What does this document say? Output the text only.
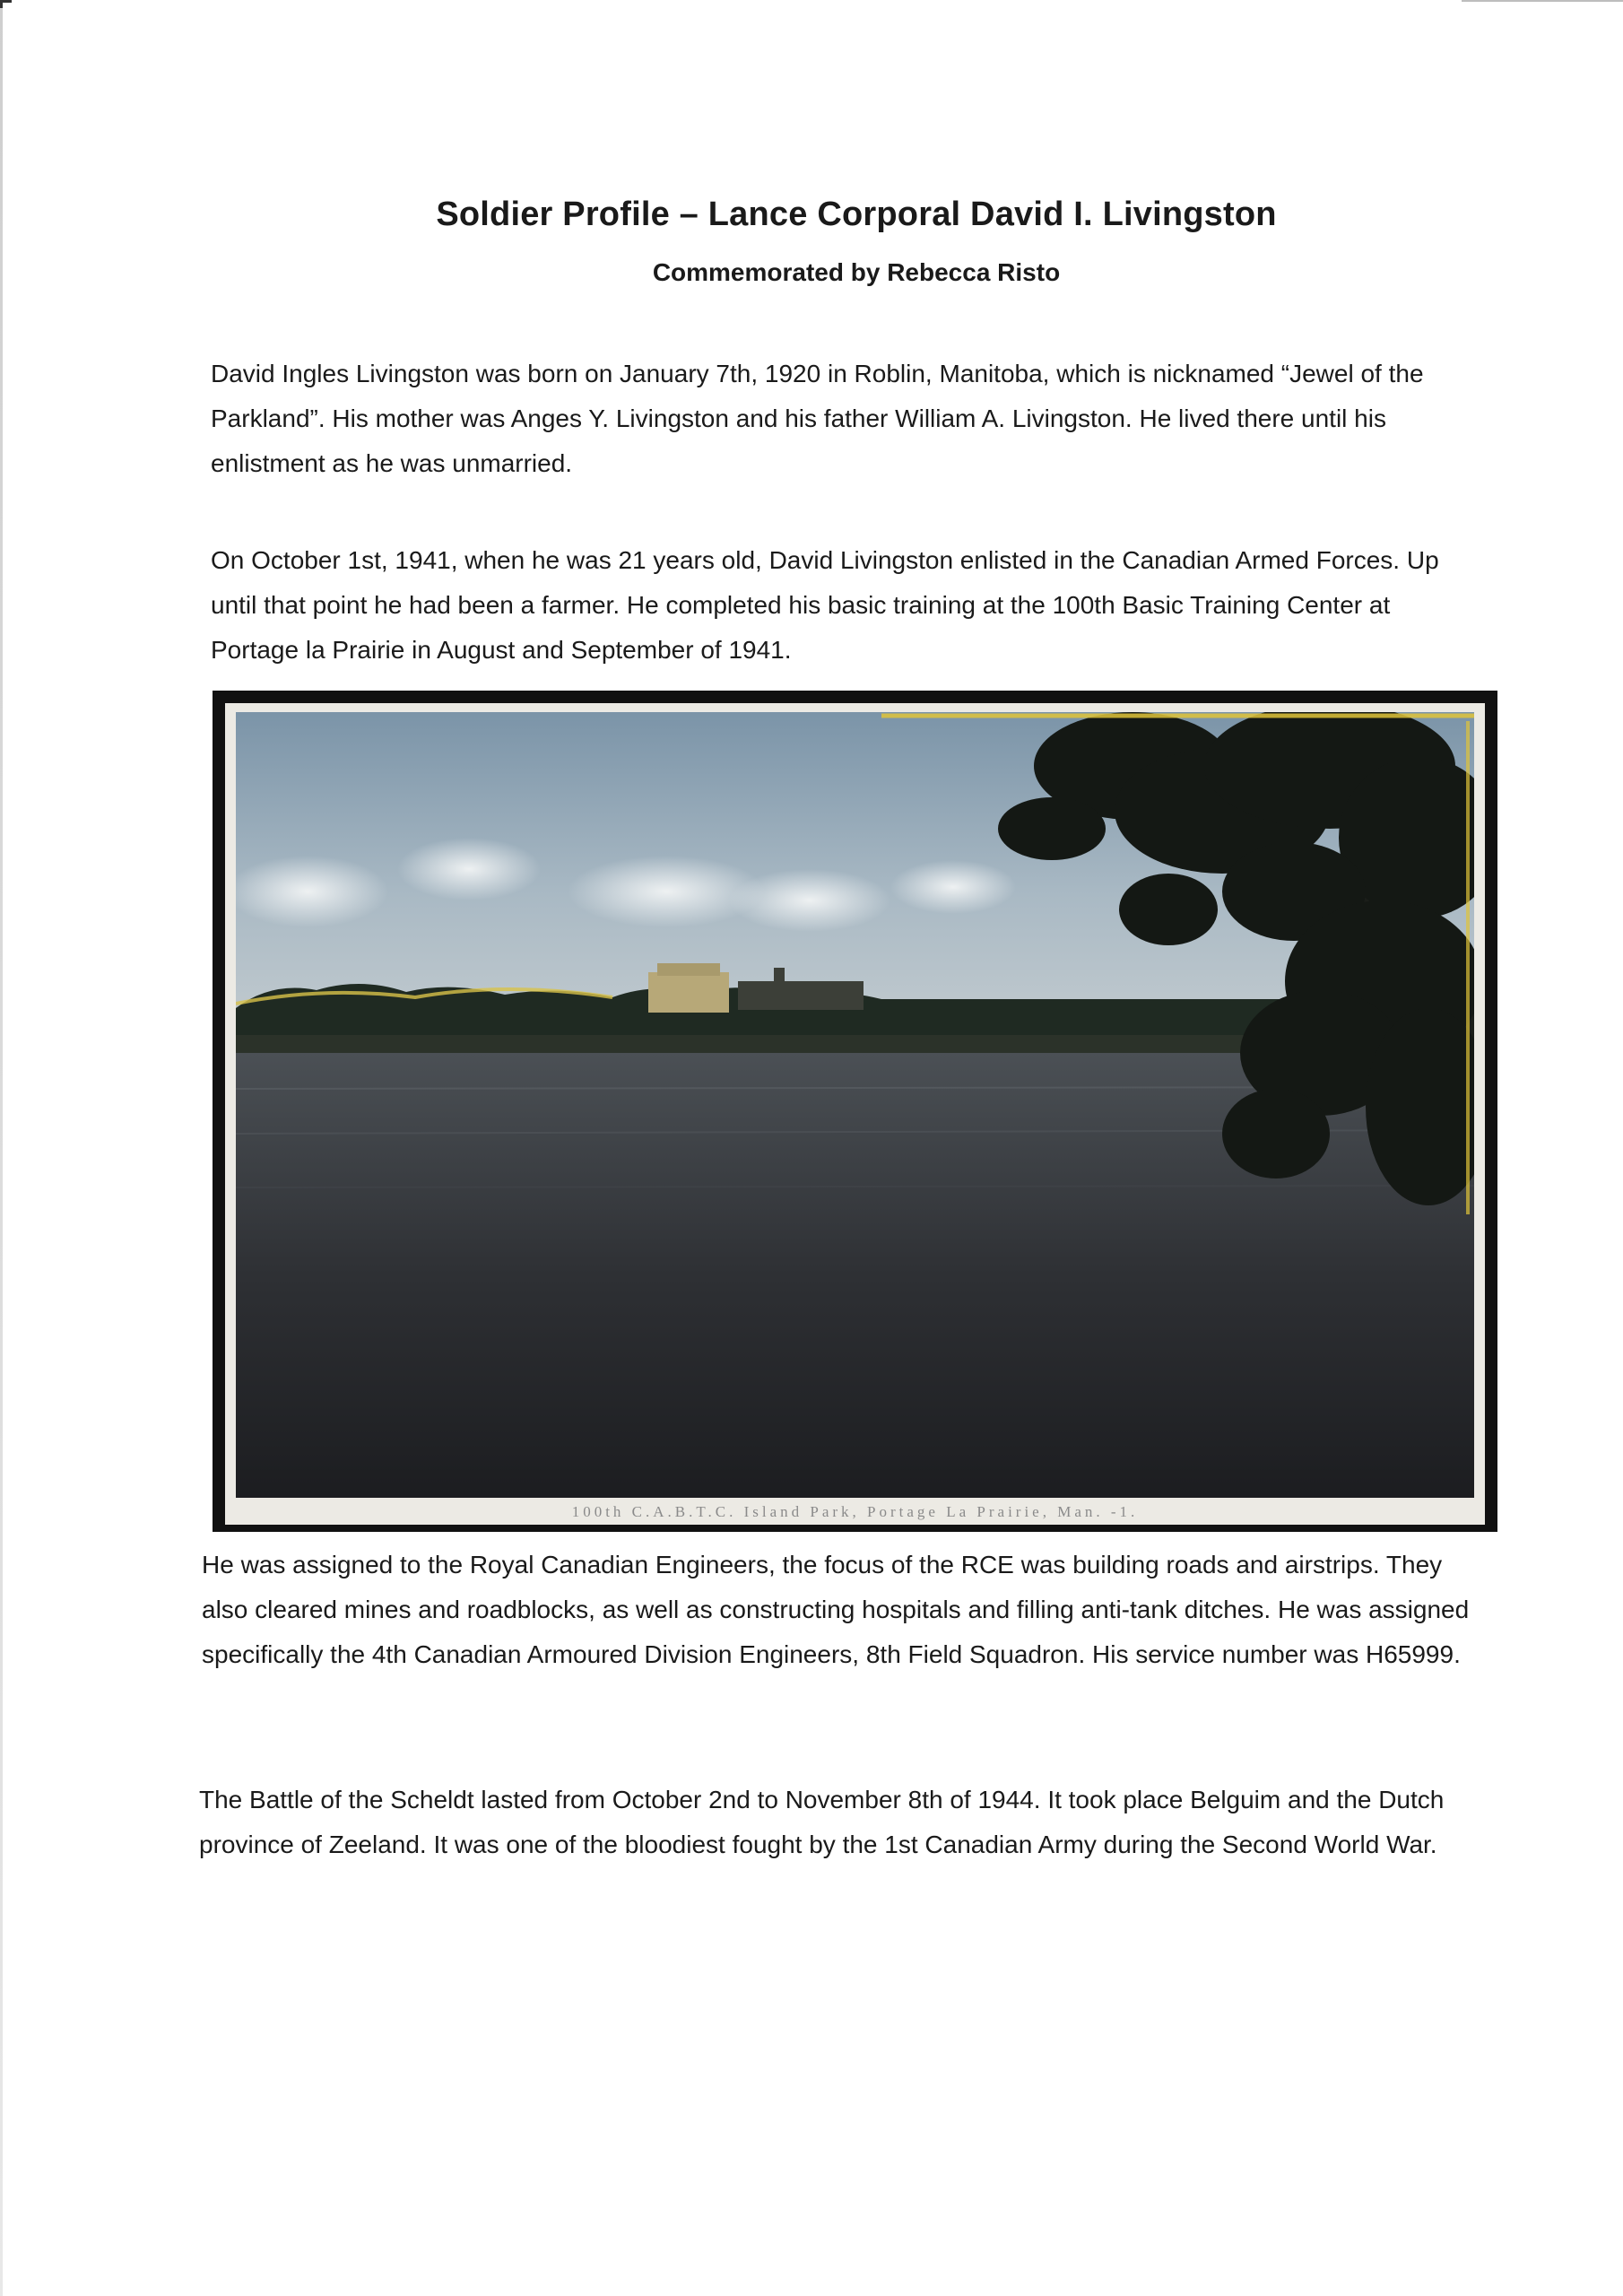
Soldier Profile – Lance Corporal David I. Livingston
Commemorated by Rebecca Risto

David Ingles Livingston was born on January 7th, 1920 in Roblin, Manitoba, which is nicknamed “Jewel of the Parkland”. His mother was Anges Y. Livingston and his father William A. Livingston. He lived there until his enlistment as he was unmarried.

On October 1st, 1941, when he was 21 years old, David Livingston enlisted in the Canadian Armed Forces. Up until that point he had been a farmer. He completed his basic training at the 100th Basic Training Center at Portage la Prairie in August and September of 1941.

100th C.A.B.T.C. Island Park, Portage La Prairie, Man. -1.

He was assigned to the Royal Canadian Engineers, the focus of the RCE was building roads and airstrips. They also cleared mines and roadblocks, as well as constructing hospitals and filling anti-tank ditches. He was assigned specifically the 4th Canadian Armoured Division Engineers, 8th Field Squadron. His service number was H65999.

The Battle of the Scheldt lasted from October 2nd to November 8th of 1944. It took place Belguim and the Dutch province of Zeeland. It was one of the bloodiest fought by the 1st Canadian Army during the Second World War.
